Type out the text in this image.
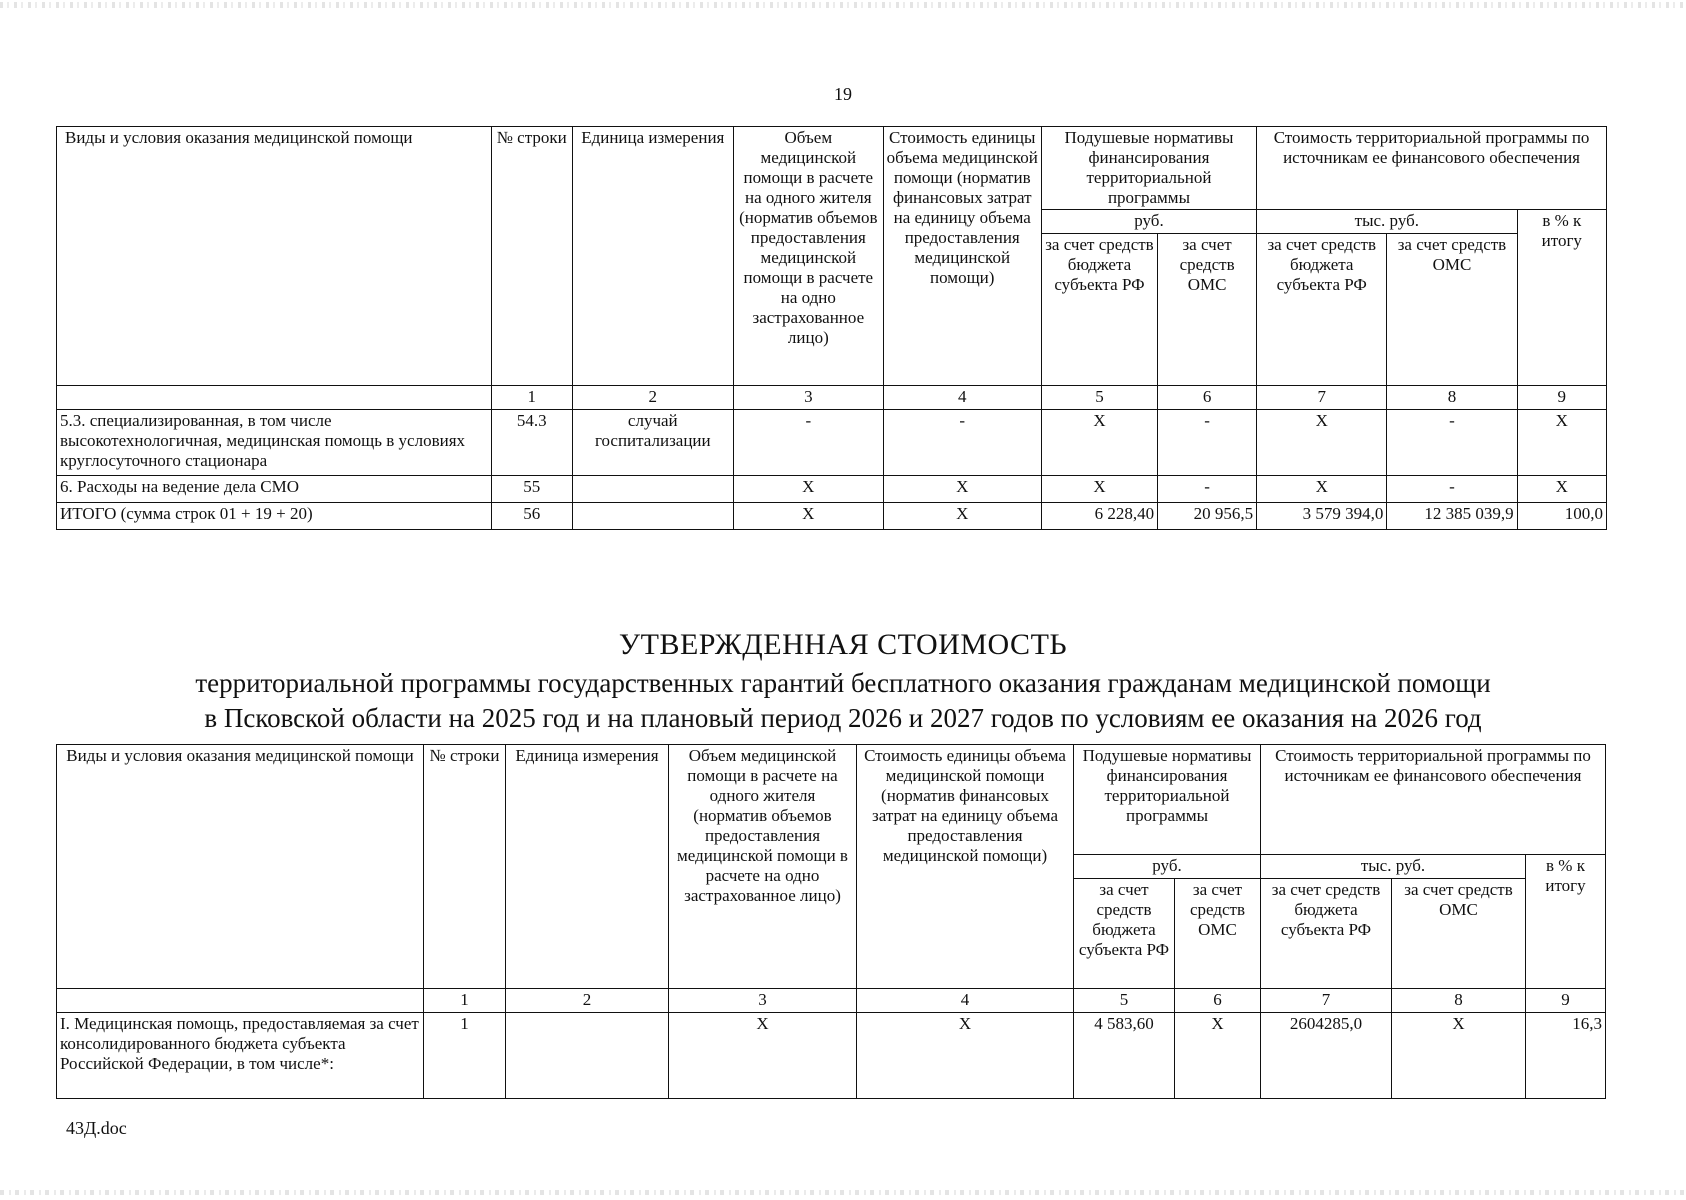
19
Виды и условия оказания медицинской помощи	№ строки	Единица измерения	Объем медицинской помощи в расчете на одного жителя (норматив объемов предоставления медицинской помощи в расчете на одно застрахованное лицо)	Стоимость единицы объема медицинской помощи (норматив финансовых затрат на единицу объема предоставления медицинской помощи)	Подушевые нормативы финансирования территориальной программы		Стоимость территориальной программы по источникам ее финансового обеспечения		
					руб.		тыс. руб.		в % к итогу
					за счет средств бюджета субъекта РФ	за счет средств ОМС	за счет средств бюджета субъекта РФ	за счет средств ОМС	
	1	2	3	4	5	6	7	8	9
5.3. специализированная, в том числе высокотехнологичная, медицинская помощь в условиях круглосуточного стационара	54.3	случай госпитализации	-	-	Х	-	Х	-	Х
6. Расходы на ведение дела СМО	55		Х	Х	Х	-	Х	-	Х
ИТОГО (сумма строк 01 + 19 + 20)	56		Х	Х	6 228,40	20 956,5	3 579 394,0	12 385 039,9	100,0
УТВЕРЖДЕННАЯ СТОИМОСТЬ
территориальной программы государственных гарантий бесплатного оказания гражданам медицинской помощи
в Псковской области на 2025 год и на плановый период 2026 и 2027 годов по условиям ее оказания на 2026 год
Виды и условия оказания медицинской помощи	№ строки	Единица измерения	Объем медицинской помощи в расчете на одного жителя (норматив объемов предоставления медицинской помощи в расчете на одно застрахованное лицо)	Стоимость единицы объема медицинской помощи (норматив финансовых затрат на единицу объема предоставления медицинской помощи)	Подушевые нормативы финансирования территориальной программы		Стоимость территориальной программы по источникам ее финансового обеспечения		
					руб.		тыс. руб.		в % к итогу
					за счет средств бюджета субъекта РФ	за счет средств ОМС	за счет средств бюджета субъекта РФ	за счет средств ОМС	
	1	2	3	4	5	6	7	8	9
I. Медицинская помощь, предоставляемая за счет консолидированного бюджета субъекта Российской Федерации, в том числе*:	1		Х	Х	4 583,60	Х	2604285,0	Х	16,3
43Д.doc
